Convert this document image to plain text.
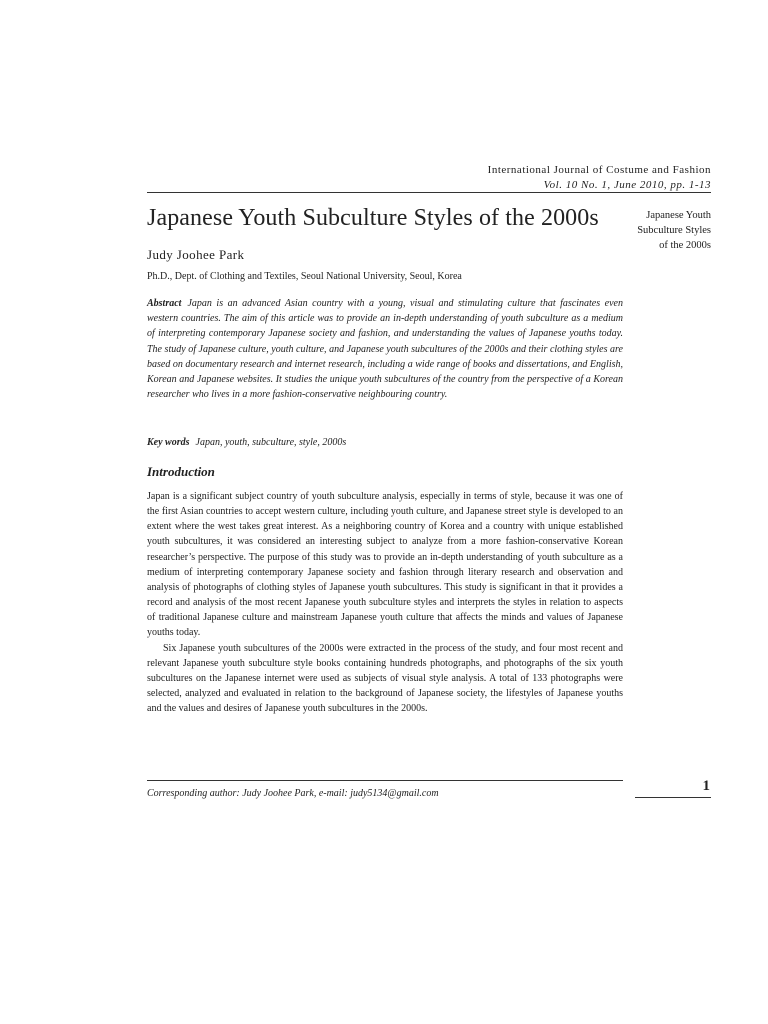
International Journal of Costume and Fashion
Vol. 10 No. 1, June 2010, pp. 1-13
Japanese Youth Subculture Styles of the 2000s
Japanese Youth Subculture Styles of the 2000s
Judy Joohee Park
Ph.D., Dept. of Clothing and Textiles, Seoul National University, Seoul, Korea

Abstract Japan is an advanced Asian country with a young, visual and stimulating culture that fascinates even western countries. The aim of this article was to provide an in-depth understanding of youth subculture as a medium of interpreting contemporary Japanese society and fashion, and understanding the values of Japanese youths today. The study of Japanese culture, youth culture, and Japanese youth subcultures of the 2000s and their clothing styles are based on documentary research and internet research, including a wide range of books and dissertations, and English, Korean and Japanese websites. It studies the unique youth subcultures of the country from the perspective of a Korean researcher who lives in a more fashion-conservative neighbouring country.

Key words Japan, youth, subculture, style, 2000s
Introduction

Japan is a significant subject country of youth subculture analysis, especially in terms of style, because it was one of the first Asian countries to accept western culture, including youth culture, and Japanese street style is developed to an extent where the west takes great interest. As a neighboring country of Korea and a country with unique established youth subcultures, it was considered an interesting subject to analyze from a more fashion-conservative Korean researcher’s perspective. The purpose of this study was to provide an in-depth understanding of youth subculture as a medium of interpreting contemporary Japanese society and fashion through literary research and observation and analysis of photographs of clothing styles of Japanese youth subcultures. This study is significant in that it provides a record and analysis of the most recent Japanese youth subculture styles and interprets the styles in relation to aspects of traditional Japanese culture and mainstream Japanese youth culture that affects the minds and values of Japanese youths today.

Six Japanese youth subcultures of the 2000s were extracted in the process of the study, and four most recent and relevant Japanese youth subculture style books containing hundreds photographs, and photographs of the six youth subcultures on the Japanese internet were used as subjects of visual style analysis. A total of 133 photographs were selected, analyzed and evaluated in relation to the background of Japanese society, the lifestyles of Japanese youths and the values and desires of Japanese youth subcultures in the 2000s.

Corresponding author: Judy Joohee Park, e-mail: judy5134@gmail.com	1
